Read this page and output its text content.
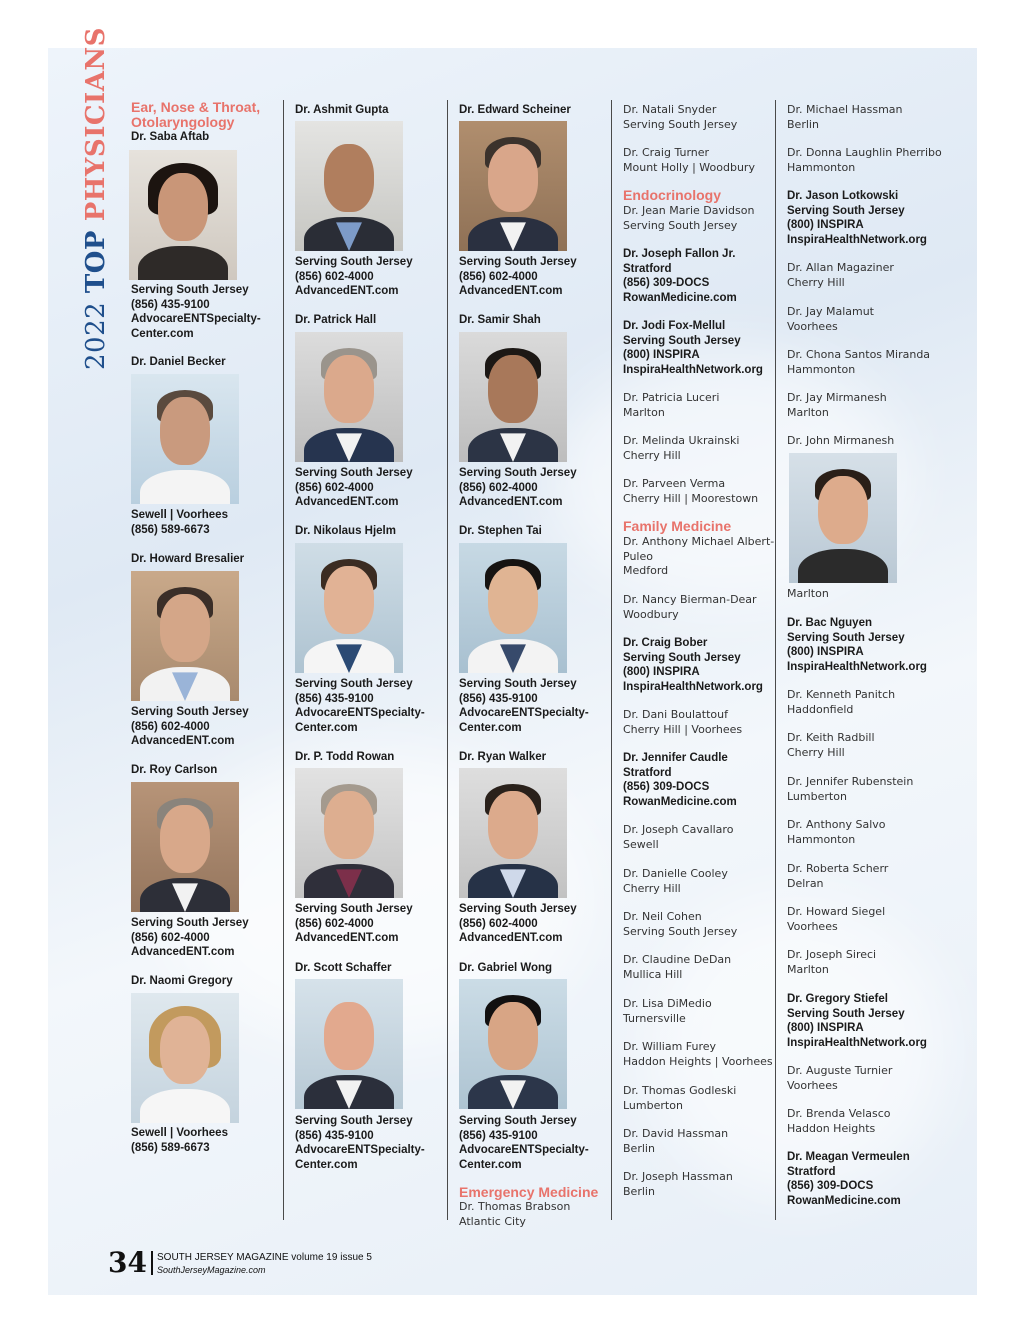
2022 TOP PHYSICIANS Ear, Nose & Throat,
Otolaryngology
Dr. Saba Aftab
Serving South Jersey
(856) 435-9100
AdvocareENTSpecialty-
Center.com
Dr. Daniel Becker
Sewell | Voorhees
(856) 589-6673
Dr. Howard Bresalier
Serving South Jersey
(856) 602-4000
AdvancedENT.com
Dr. Roy Carlson
Serving South Jersey
(856) 602-4000
AdvancedENT.com
Dr. Naomi Gregory
Sewell | Voorhees
(856) 589-6673
Dr. Ashmit Gupta
Serving South Jersey
(856) 602-4000
AdvancedENT.com
Dr. Patrick Hall
Serving South Jersey
(856) 602-4000
AdvancedENT.com
Dr. Nikolaus Hjelm
Serving South Jersey
(856) 435-9100
AdvocareENTSpecialty-
Center.com
Dr. P. Todd Rowan
Serving South Jersey
(856) 602-4000
AdvancedENT.com
Dr. Scott Schaffer
Serving South Jersey
(856) 435-9100
AdvocareENTSpecialty-
Center.com
Dr. Edward Scheiner
Serving South Jersey
(856) 602-4000
AdvancedENT.com
Dr. Samir Shah
Serving South Jersey
(856) 602-4000
AdvancedENT.com
Dr. Stephen Tai
Serving South Jersey
(856) 435-9100
AdvocareENTSpecialty-
Center.com
Dr. Ryan Walker
Serving South Jersey
(856) 602-4000
AdvancedENT.com
Dr. Gabriel Wong
Serving South Jersey
(856) 435-9100
AdvocareENTSpecialty-
Center.com
Emergency Medicine
Dr. Thomas Brabson
Atlantic City
Dr. Natali Snyder
Serving South Jersey
Dr. Craig Turner
Mount Holly | Woodbury
Endocrinology
Dr. Jean Marie Davidson
Serving South Jersey
Dr. Joseph Fallon Jr.
Stratford
(856) 309-DOCS
RowanMedicine.com
Dr. Jodi Fox-Mellul
Serving South Jersey
(800) INSPIRA
InspiraHealthNetwork.org
Dr. Patricia Luceri
Marlton
Dr. Melinda Ukrainski
Cherry Hill
Dr. Parveen Verma
Cherry Hill | Moorestown
Family Medicine
Dr. Anthony Michael Albert-
Puleo
Medford
Dr. Nancy Bierman-Dear
Woodbury
Dr. Craig Bober
Serving South Jersey
(800) INSPIRA
InspiraHealthNetwork.org
Dr. Dani Boulattouf
Cherry Hill | Voorhees
Dr. Jennifer Caudle
Stratford
(856) 309-DOCS
RowanMedicine.com
Dr. Joseph Cavallaro
Sewell
Dr. Danielle Cooley
Cherry Hill
Dr. Neil Cohen
Serving South Jersey
Dr. Claudine DeDan
Mullica Hill
Dr. Lisa DiMedio
Turnersville
Dr. William Furey
Haddon Heights | Voorhees
Dr. Thomas Godleski
Lumberton
Dr. David Hassman
Berlin
Dr. Joseph Hassman
Berlin
Dr. Michael Hassman
Berlin
Dr. Donna Laughlin Pherribo
Hammonton
Dr. Jason Lotkowski
Serving South Jersey
(800) INSPIRA
InspiraHealthNetwork.org
Dr. Allan Magaziner
Cherry Hill
Dr. Jay Malamut
Voorhees
Dr. Chona Santos Miranda
Hammonton
Dr. Jay Mirmanesh
Marlton
Dr. John Mirmanesh
Marlton
Dr. Bac Nguyen
Serving South Jersey
(800) INSPIRA
InspiraHealthNetwork.org
Dr. Kenneth Panitch
Haddonfield
Dr. Keith Radbill
Cherry Hill
Dr. Jennifer Rubenstein
Lumberton
Dr. Anthony Salvo
Hammonton
Dr. Roberta Scherr
Delran
Dr. Howard Siegel
Voorhees
Dr. Joseph Sireci
Marlton
Dr. Gregory Stiefel
Serving South Jersey
(800) INSPIRA
InspiraHealthNetwork.org
Dr. Auguste Turnier
Voorhees
Dr. Brenda Velasco
Haddon Heights
Dr. Meagan Vermeulen
Stratford
(856) 309-DOCS
RowanMedicine.com
34 SOUTH JERSEY MAGAZINE volume 19 issue 5
SouthJerseyMagazine.com
